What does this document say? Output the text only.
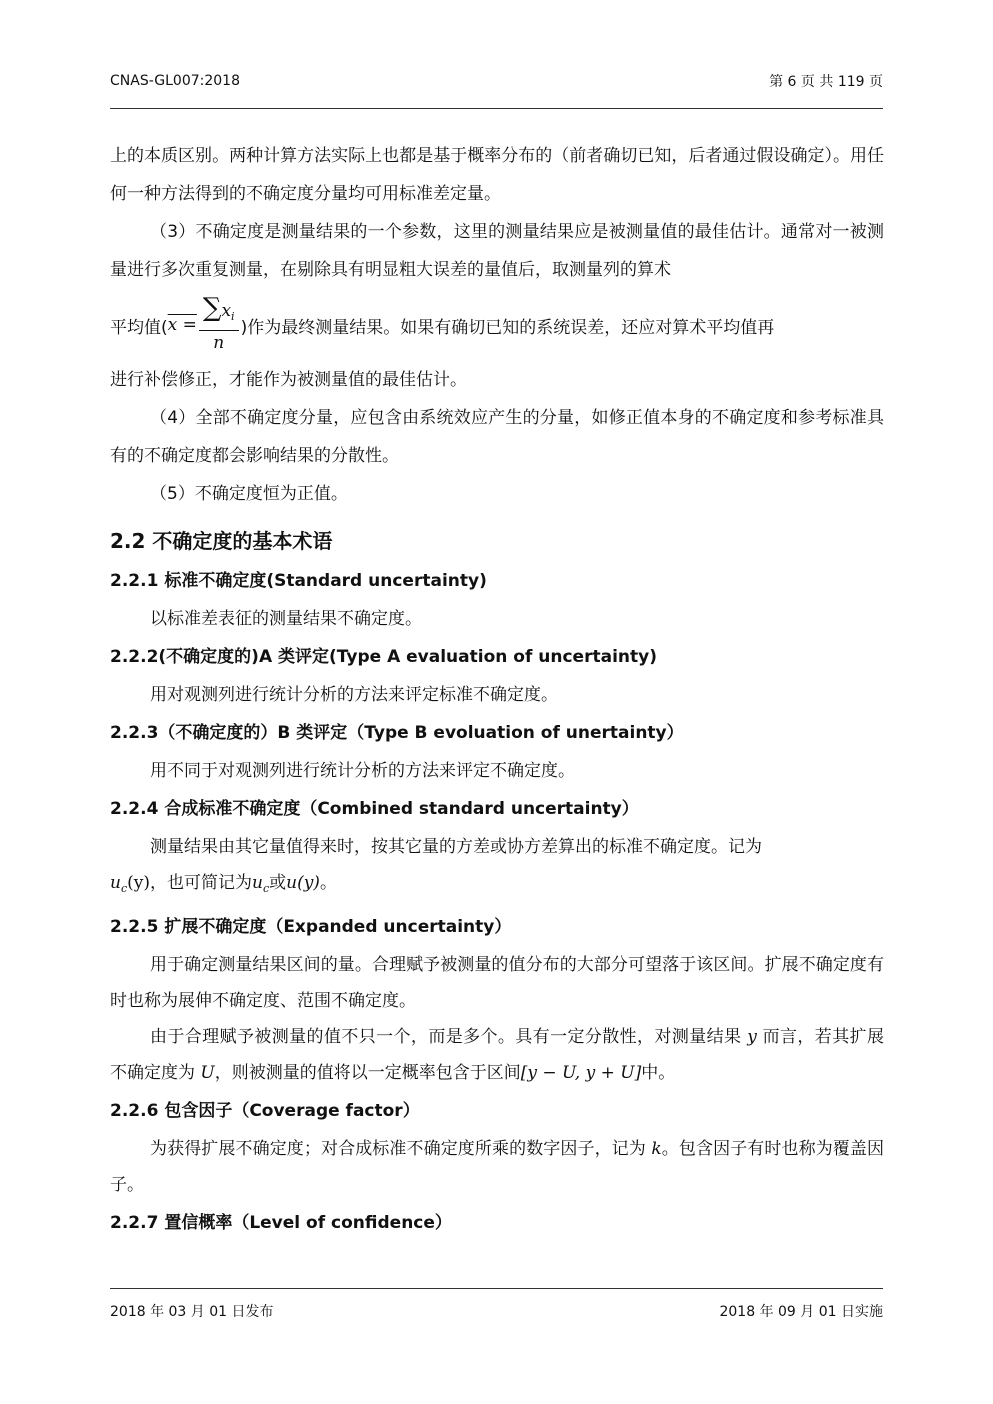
CNAS-GL007:2018	第 6 页 共 119 页

上的本质区别。两种计算方法实际上也都是基于概率分布的（前者确切已知，后者通过假设确定）。用任何一种方法得到的不确定度分量均可用标准差定量。

（3）不确定度是测量结果的一个参数，这里的测量结果应是被测量值的最佳估计。通常对一被测量进行多次重复测量，在剔除具有明显粗大误差的量值后，取测量列的算术

平均值( $x = \frac{\sum x_i}{n}$ )作为最终测量结果。如果有确切已知的系统误差，还应对算术平均值再

进行补偿修正，才能作为被测量值的最佳估计。

（4）全部不确定度分量，应包含由系统效应产生的分量，如修正值本身的不确定度和参考标准具有的不确定度都会影响结果的分散性。

（5）不确定度恒为正值。

2.2 不确定度的基本术语
2.2.1 标准不确定度(Standard uncertainty)

以标准差表征的测量结果不确定度。

2.2.2(不确定度的)A 类评定(Type A evaluation of uncertainty)

用对观测列进行统计分析的方法来评定标准不确定度。

2.2.3（不确定度的）B 类评定（Type B evoluation of unertainty）

用不同于对观测列进行统计分析的方法来评定不确定度。

2.2.4 合成标准不确定度（Combined standard uncertainty）

测量结果由其它量值得来时，按其它量的方差或协方差算出的标准不确定度。记为
$u_c(y)$，也可简记为$u_c$或u(y)。

2.2.5 扩展不确定度（Expanded uncertainty）

用于确定测量结果区间的量。合理赋予被测量的值分布的大部分可望落于该区间。扩展不确定度有时也称为展伸不确定度、范围不确定度。

由于合理赋予被测量的值不只一个，而是多个。具有一定分散性，对测量结果 y 而言，若其扩展不确定度为 U，则被测量的值将以一定概率包含于区间[y − U, y + U]中。

2.2.6 包含因子（Coverage factor）

为获得扩展不确定度；对合成标准不确定度所乘的数字因子，记为 k。包含因子有时也称为覆盖因子。

2.2.7 置信概率（Level of confidence）
2018 年 03 月 01 日发布	2018 年 09 月 01 日实施
